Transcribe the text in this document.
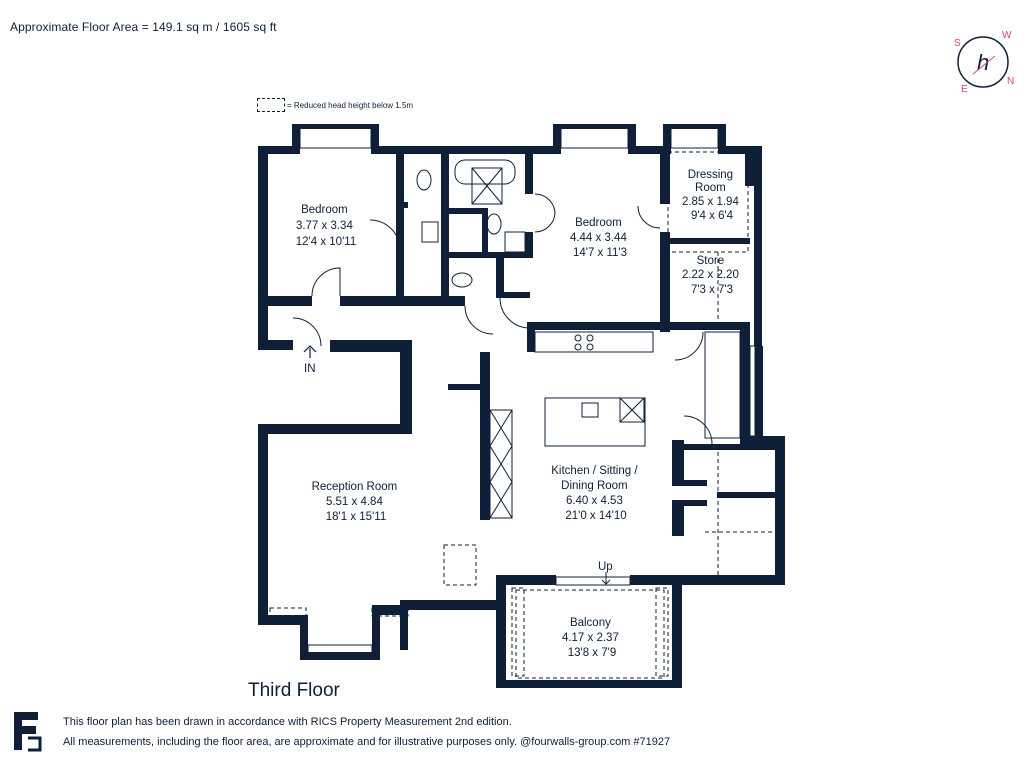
Approximate Floor Area = 149.1 sq m / 1605 sq ft
= Reduced head height below 1.5m
S
W
E
N
h
Bedroom 3.77 x 3.34 12'4 x 10'11
Bedroom 4.44 x 3.44 14'7 x 11'3
Dressing Room 2.85 x 1.94 9'4 x 6'4
Store 2.22 x 2.20 7'3 x 7'3
Reception Room 5.51 x 4.84 18'1 x 15'11
Kitchen / Sitting / Dining Room 6.40 x 4.53 21'0 x 14'10
Balcony 4.17 x 2.37 13'8 x 7'9
IN
Up
Third Floor
This floor plan has been drawn in accordance with RICS Property Measurement 2nd edition.
All measurements, including the floor area, are approximate and for illustrative purposes only. @fourwalls-group.com #71927
